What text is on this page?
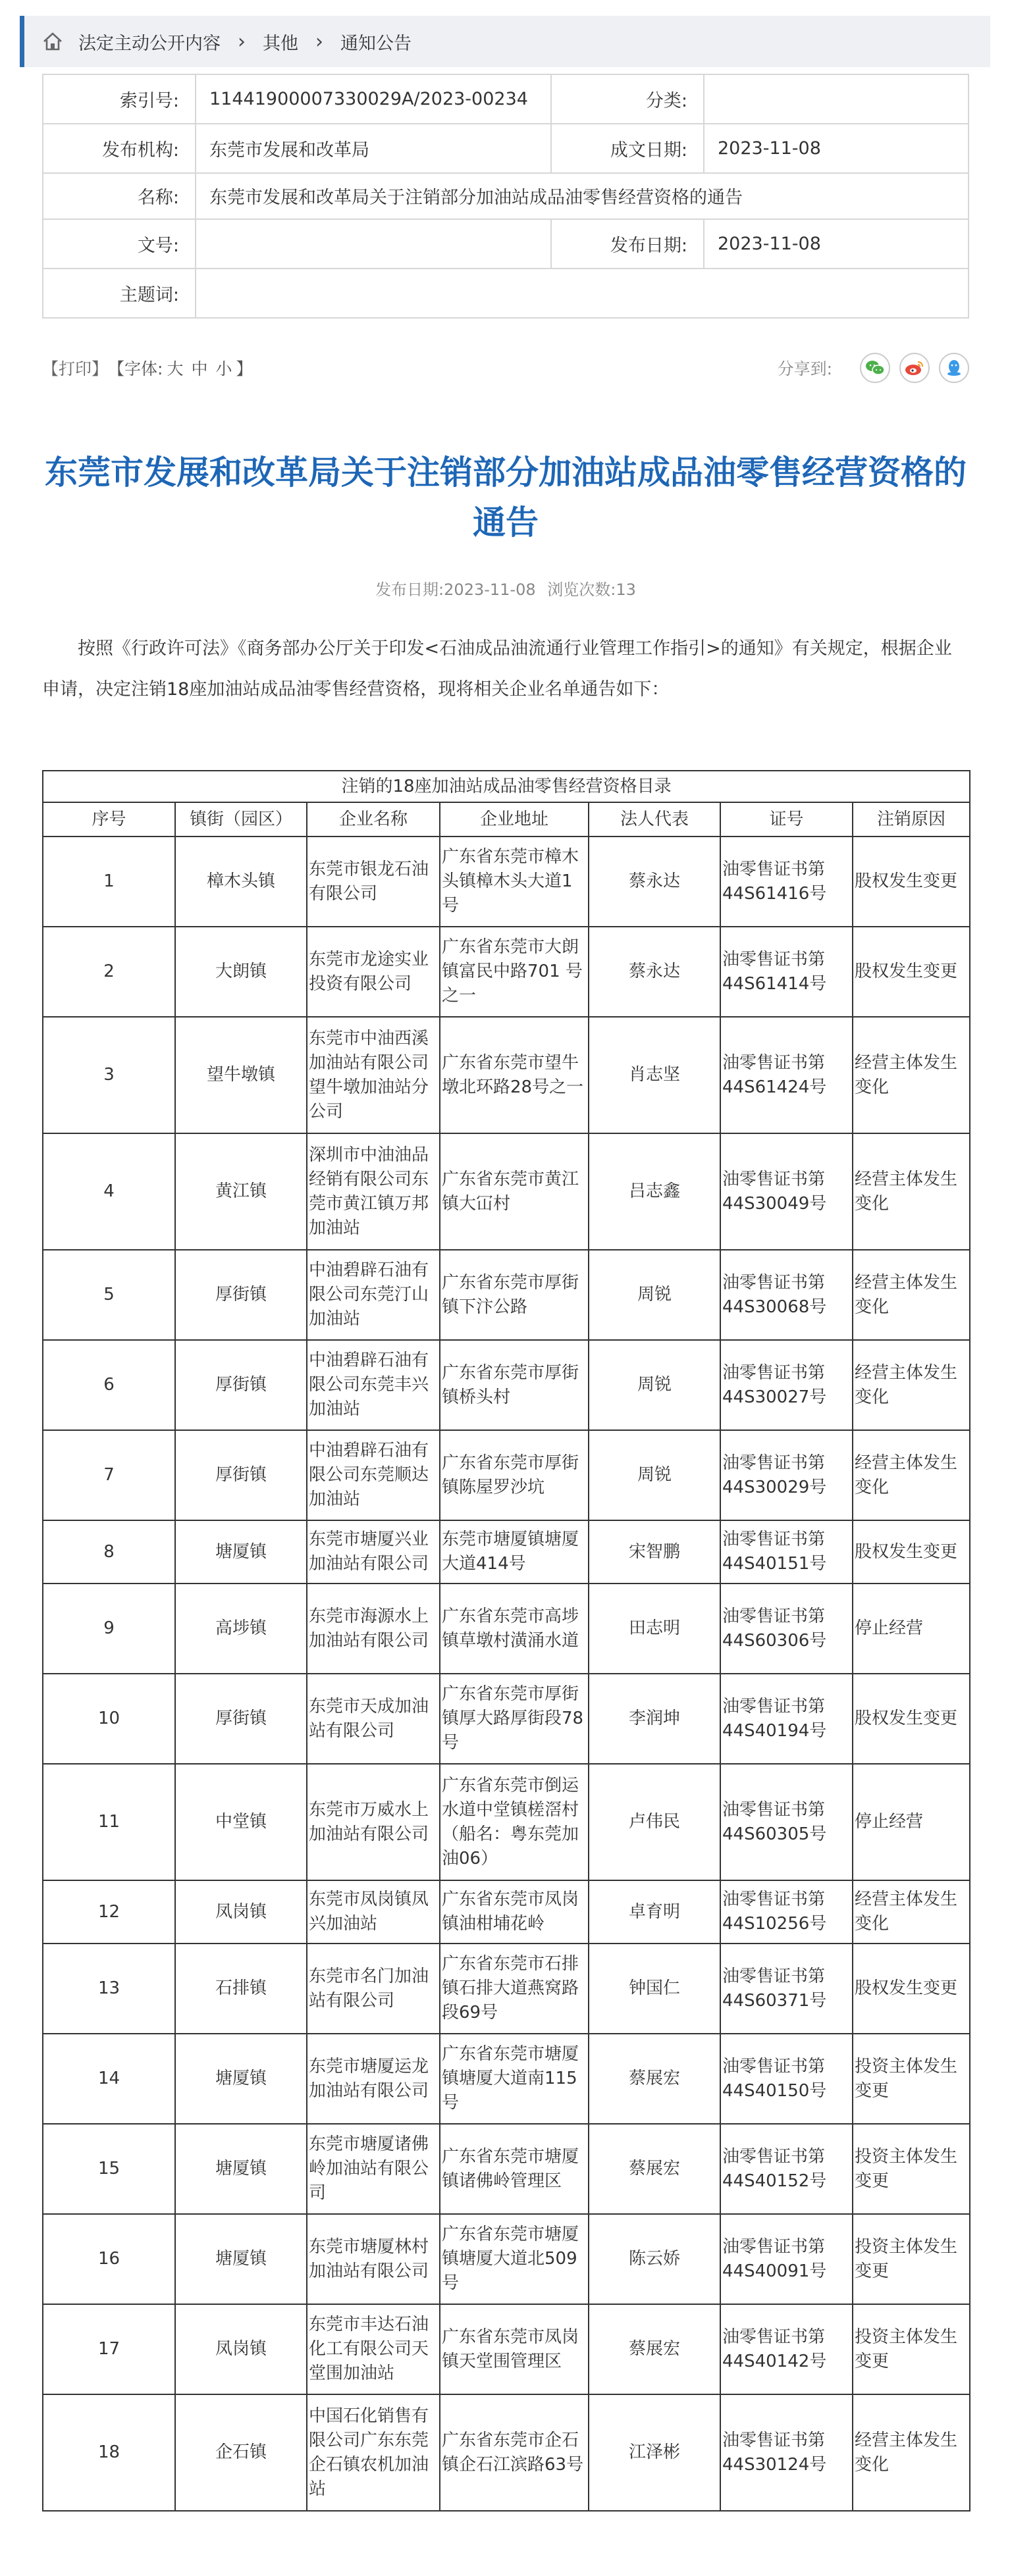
法定主动公开内容 › 其他 › 通知公告
索引号:	11441900007330029A/2023-00234	分类:	
发布机构:	东莞市发展和改革局	成文日期:	2023-11-08
名称:	东莞市发展和改革局关于注销部分加油站成品油零售经营资格的通告		
文号:		发布日期:	2023-11-08
主题词:			
【打印】 【字体: 大 中 小 】	分享到:
东莞市发展和改革局关于注销部分加油站成品油零售经营资格的通告
发布日期:2023-11-08 浏览次数:13

按照《行政许可法》《商务部办公厅关于印发<石油成品油流通行业管理工作指引>的通知》有关规定，根据企业申请，决定注销18座加油站成品油零售经营资格，现将相关企业名单通告如下：

注销的18座加油站成品油零售经营资格目录						
序号	镇街（园区）	企业名称	企业地址	法人代表	证号	注销原因
1	樟木头镇	东莞市银龙石油有限公司	广东省东莞市樟木头镇樟木头大道1号	蔡永达	油零售证书第44S61416号	股权发生变更
2	大朗镇	东莞市龙途实业投资有限公司	广东省东莞市大朗镇富民中路701 号之一	蔡永达	油零售证书第44S61414号	股权发生变更
3	望牛墩镇	东莞市中油西溪加油站有限公司望牛墩加油站分公司	广东省东莞市望牛墩北环路28号之一	肖志坚	油零售证书第44S61424号	经营主体发生变化
4	黄江镇	深圳市中油油品经销有限公司东莞市黄江镇万邦加油站	广东省东莞市黄江镇大冚村	吕志鑫	油零售证书第44S30049号	经营主体发生变化
5	厚街镇	中油碧辟石油有限公司东莞汀山加油站	广东省东莞市厚街镇下汴公路	周锐	油零售证书第44S30068号	经营主体发生变化
6	厚街镇	中油碧辟石油有限公司东莞丰兴加油站	广东省东莞市厚街镇桥头村	周锐	油零售证书第44S30027号	经营主体发生变化
7	厚街镇	中油碧辟石油有限公司东莞顺达加油站	广东省东莞市厚街镇陈屋罗沙坑	周锐	油零售证书第44S30029号	经营主体发生变化
8	塘厦镇	东莞市塘厦兴业加油站有限公司	东莞市塘厦镇塘厦大道414号	宋智鹏	油零售证书第44S40151号	股权发生变更
9	高埗镇	东莞市海源水上加油站有限公司	广东省东莞市高埗镇草墩村潢涌水道	田志明	油零售证书第44S60306号	停止经营
10	厚街镇	东莞市天成加油站有限公司	广东省东莞市厚街镇厚大路厚街段78号	李润坤	油零售证书第44S40194号	股权发生变更
11	中堂镇	东莞市万威水上加油站有限公司	广东省东莞市倒运水道中堂镇槎滘村（船名：粤东莞加油06）	卢伟民	油零售证书第44S60305号	停止经营
12	凤岗镇	东莞市凤岗镇凤兴加油站	广东省东莞市凤岗镇油柑埔花岭	卓育明	油零售证书第44S10256号	经营主体发生变化
13	石排镇	东莞市名门加油站有限公司	广东省东莞市石排镇石排大道燕窝路段69号	钟国仁	油零售证书第44S60371号	股权发生变更
14	塘厦镇	东莞市塘厦运龙加油站有限公司	广东省东莞市塘厦镇塘厦大道南115号	蔡展宏	油零售证书第44S40150号	投资主体发生变更
15	塘厦镇	东莞市塘厦诸佛岭加油站有限公司	广东省东莞市塘厦镇诸佛岭管理区	蔡展宏	油零售证书第44S40152号	投资主体发生变更
16	塘厦镇	东莞市塘厦林村加油站有限公司	广东省东莞市塘厦镇塘厦大道北509号	陈云娇	油零售证书第44S40091号	投资主体发生变更
17	凤岗镇	东莞市丰达石油化工有限公司天堂围加油站	广东省东莞市凤岗镇天堂围管理区	蔡展宏	油零售证书第44S40142号	投资主体发生变更
18	企石镇	中国石化销售有限公司广东东莞企石镇农机加油站	广东省东莞市企石镇企石江滨路63号	江泽彬	油零售证书第44S30124号	经营主体发生变化
